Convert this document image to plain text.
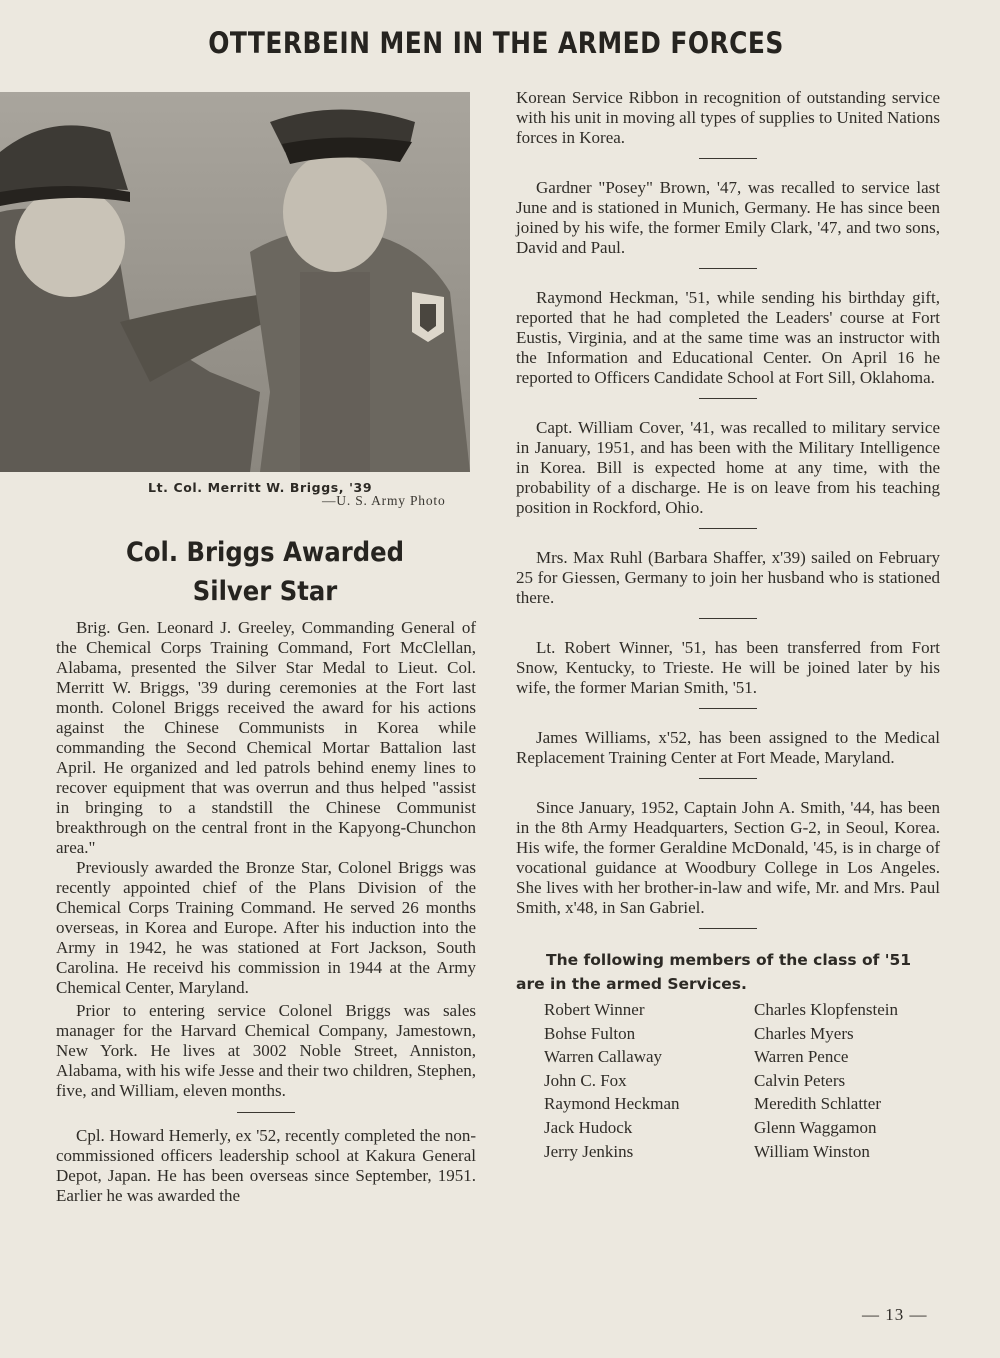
OTTERBEIN MEN IN THE ARMED FORCES
Lt. Col. Merritt W. Briggs, '39
—U. S. Army Photo
Col. Briggs Awarded
Silver Star

Brig. Gen. Leonard J. Greeley, Commanding General of the Chemical Corps Training Command, Fort McClellan, Alabama, presented the Silver Star Medal to Lieut. Col. Merritt W. Briggs, '39 during ceremonies at the Fort last month. Colonel Briggs received the award for his actions against the Chinese Communists in Korea while commanding the Second Chemical Mortar Battalion last April. He organized and led patrols behind enemy lines to recover equipment that was overrun and thus helped "assist in bringing to a standstill the Chinese Communist breakthrough on the central front in the Kapyong-Chunchon area."

Previously awarded the Bronze Star, Colonel Briggs was recently appointed chief of the Plans Division of the Chemical Corps Training Command. He served 26 months overseas, in Korea and Europe. After his induction into the Army in 1942, he was stationed at Fort Jackson, South Carolina. He receivd his commission in 1944 at the Army Chemical Center, Maryland.

Prior to entering service Colonel Briggs was sales manager for the Harvard Chemical Company, Jamestown, New York. He lives at 3002 Noble Street, Anniston, Alabama, with his wife Jesse and their two children, Stephen, five, and William, eleven months.

Cpl. Howard Hemerly, ex '52, recently completed the non-commissioned officers leadership school at Kakura General Depot, Japan. He has been overseas since September, 1951. Earlier he was awarded the

Korean Service Ribbon in recognition of outstanding service with his unit in moving all types of supplies to United Nations forces in Korea.

Gardner "Posey" Brown, '47, was recalled to service last June and is stationed in Munich, Germany. He has since been joined by his wife, the former Emily Clark, '47, and two sons, David and Paul.

Raymond Heckman, '51, while sending his birthday gift, reported that he had completed the Leaders' course at Fort Eustis, Virginia, and at the same time was an instructor with the Information and Educational Center. On April 16 he reported to Officers Candidate School at Fort Sill, Oklahoma.

Capt. William Cover, '41, was recalled to military service in January, 1951, and has been with the Military Intelligence in Korea. Bill is expected home at any time, with the probability of a discharge. He is on leave from his teaching position in Rockford, Ohio.

Mrs. Max Ruhl (Barbara Shaffer, x'39) sailed on February 25 for Giessen, Germany to join her husband who is stationed there.

Lt. Robert Winner, '51, has been transferred from Fort Snow, Kentucky, to Trieste. He will be joined later by his wife, the former Marian Smith, '51.

James Williams, x'52, has been assigned to the Medical Replacement Training Center at Fort Meade, Maryland.

Since January, 1952, Captain John A. Smith, '44, has been in the 8th Army Headquarters, Section G-2, in Seoul, Korea. His wife, the former Geraldine McDonald, '45, is in charge of vocational guidance at Woodbury College in Los Angeles. She lives with her brother-in-law and wife, Mr. and Mrs. Paul Smith, x'48, in San Gabriel.

The following members of the class of '51 are in the armed Services.
Robert Winner	Charles Klopfenstein
Bohse Fulton	Charles Myers
Warren Callaway	Warren Pence
John C. Fox	Calvin Peters
Raymond Heckman	Meredith Schlatter
Jack Hudock	Glenn Waggamon
Jerry Jenkins	William Winston
— 13 —
